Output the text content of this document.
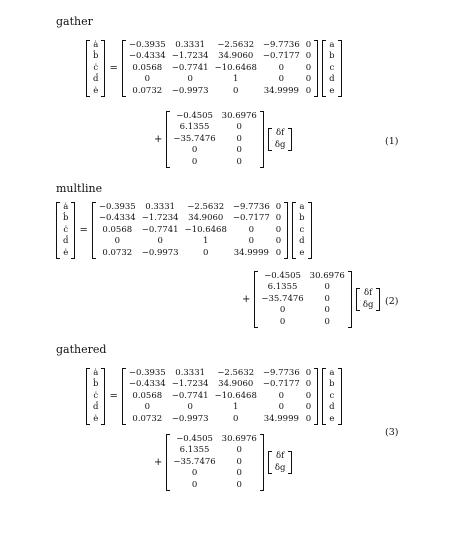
gather
multline
gathered
(1)
(2)
(3)
ȧ
ḃ
ċ
ḋ
ė
=
−0.3935	0.3331	−2.5632	−9.7736	0
−0.4334	−1.7234	34.9060	−0.7177	0
0.0568	−0.7741	−10.6468	0	0
0	0	1	0	0
0.0732	−0.9973	0	34.9999	0
a
b
c
d
e
+
−0.4505	30.6976
6.1355	0
−35.7476	0
0	0
0	0
δf
δg
ȧ
ḃ
ċ
ḋ
ė
=
−0.3935	0.3331	−2.5632	−9.7736	0
−0.4334	−1.7234	34.9060	−0.7177	0
0.0568	−0.7741	−10.6468	0	0
0	0	1	0	0
0.0732	−0.9973	0	34.9999	0
a
b
c
d
e
+
−0.4505	30.6976
6.1355	0
−35.7476	0
0	0
0	0
δf
δg
ȧ
ḃ
ċ
ḋ
ė
=
−0.3935	0.3331	−2.5632	−9.7736	0
−0.4334	−1.7234	34.9060	−0.7177	0
0.0568	−0.7741	−10.6468	0	0
0	0	1	0	0
0.0732	−0.9973	0	34.9999	0
a
b
c
d
e
+
−0.4505	30.6976
6.1355	0
−35.7476	0
0	0
0	0
δf
δg
